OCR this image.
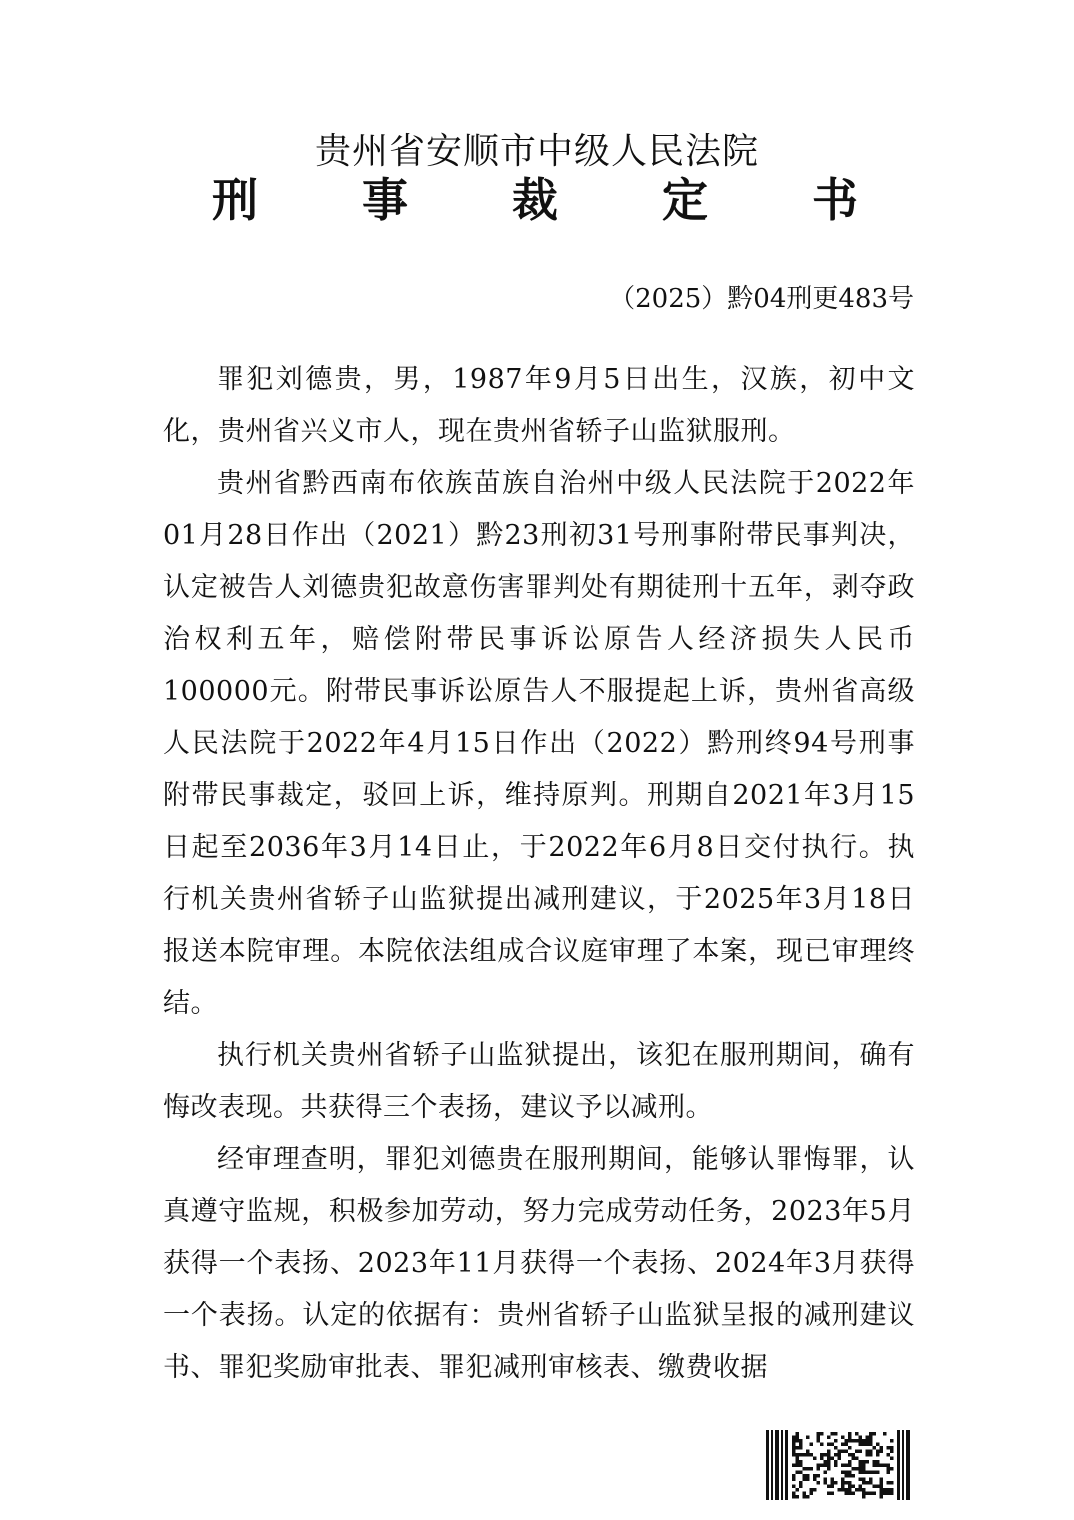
贵州省安顺市中级人民法院
刑 事 裁 定 书
（2025）黔04刑更483号

罪犯刘德贵，男，1987年9月5日出生，汉族，初中文化，贵州省兴义市人，现在贵州省轿子山监狱服刑。

贵州省黔西南布依族苗族自治州中级人民法院于2022年01月28日作出（2021）黔23刑初31号刑事附带民事判决，认定被告人刘德贵犯故意伤害罪判处有期徒刑十五年，剥夺政治权利五年，赔偿附带民事诉讼原告人经济损失人民币100000元。附带民事诉讼原告人不服提起上诉，贵州省高级人民法院于2022年4月15日作出（2022）黔刑终94号刑事附带民事裁定，驳回上诉，维持原判。刑期自2021年3月15日起至2036年3月14日止，于2022年6月8日交付执行。执行机关贵州省轿子山监狱提出减刑建议，于2025年3月18日报送本院审理。本院依法组成合议庭审理了本案，现已审理终结。

执行机关贵州省轿子山监狱提出，该犯在服刑期间，确有悔改表现。共获得三个表扬，建议予以减刑。

经审理查明，罪犯刘德贵在服刑期间，能够认罪悔罪，认真遵守监规，积极参加劳动，努力完成劳动任务，2023年5月获得一个表扬、2023年11月获得一个表扬、2024年3月获得一个表扬。认定的依据有：贵州省轿子山监狱呈报的减刑建议书、罪犯奖励审批表、罪犯减刑审核表、缴费收据
